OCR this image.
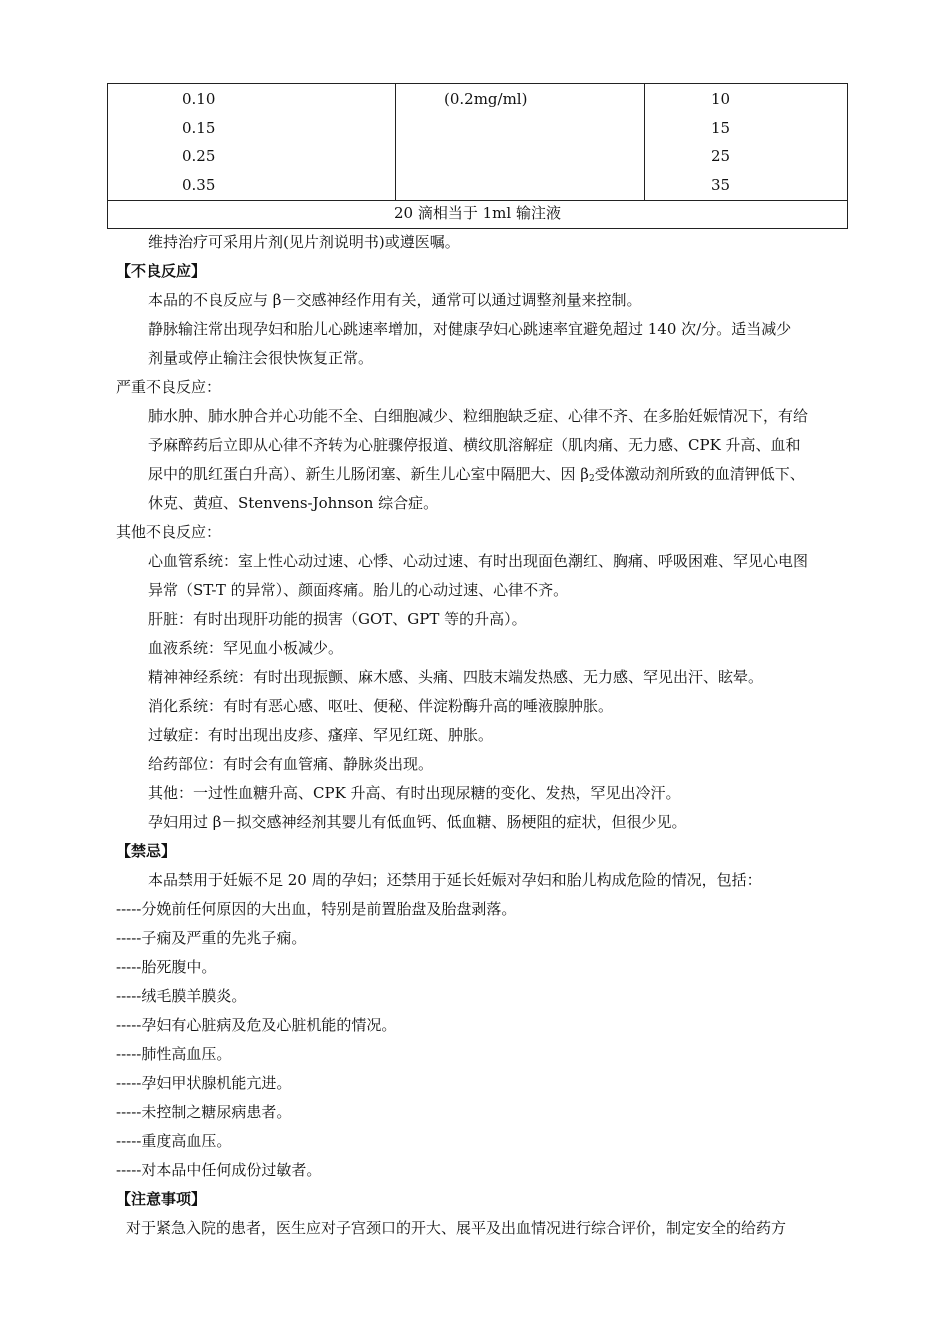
0.10
0.15
0.25
0.35
(0.2mg/ml)	10
15
25
35
20 滴相当于 1ml 输注液
维持治疗可采用片剂(见片剂说明书)或遵医嘱。
【不良反应】
本品的不良反应与 β－交感神经作用有关，通常可以通过调整剂量来控制。
静脉输注常出现孕妇和胎儿心跳速率增加，对健康孕妇心跳速率宜避免超过 140 次/分。适当减少
剂量或停止输注会很快恢复正常。
严重不良反应：
肺水肿、肺水肿合并心功能不全、白细胞减少、粒细胞缺乏症、心律不齐、在多胎妊娠情况下，有给
予麻醉药后立即从心律不齐转为心脏骤停报道、横纹肌溶解症（肌肉痛、无力感、CPK 升高、血和
尿中的肌红蛋白升高）、新生儿肠闭塞、新生儿心室中隔肥大、因 $\beta_2$受体激动剂所致的血清钾低下、
休克、黄疸、Stenvens-Johnson 综合症。
其他不良反应：
心血管系统：室上性心动过速、心悸、心动过速、有时出现面色潮红、胸痛、呼吸困难、罕见心电图
异常（ST-T 的异常）、颜面疼痛。胎儿的心动过速、心律不齐。
肝脏：有时出现肝功能的损害（GOT、GPT 等的升高）。
血液系统：罕见血小板减少。
精神神经系统：有时出现振颤、麻木感、头痛、四肢末端发热感、无力感、罕见出汗、眩晕。
消化系统：有时有恶心感、呕吐、便秘、伴淀粉酶升高的唾液腺肿胀。
过敏症：有时出现出皮疹、瘙痒、罕见红斑、肿胀。
给药部位：有时会有血管痛、静脉炎出现。
其他：一过性血糖升高、CPK 升高、有时出现尿糖的变化、发热，罕见出冷汗。
孕妇用过 β－拟交感神经剂其婴儿有低血钙、低血糖、肠梗阻的症状，但很少见。
【禁忌】
本品禁用于妊娠不足 20 周的孕妇；还禁用于延长妊娠对孕妇和胎儿构成危险的情况，包括：
-----分娩前任何原因的大出血，特别是前置胎盘及胎盘剥落。
-----子痫及严重的先兆子痫。
-----胎死腹中。
-----绒毛膜羊膜炎。
-----孕妇有心脏病及危及心脏机能的情况。
-----肺性高血压。
-----孕妇甲状腺机能亢进。
-----未控制之糖尿病患者。
-----重度高血压。
-----对本品中任何成份过敏者。
【注意事项】
对于紧急入院的患者，医生应对子宫颈口的开大、展平及出血情况进行综合评价，制定安全的给药方
